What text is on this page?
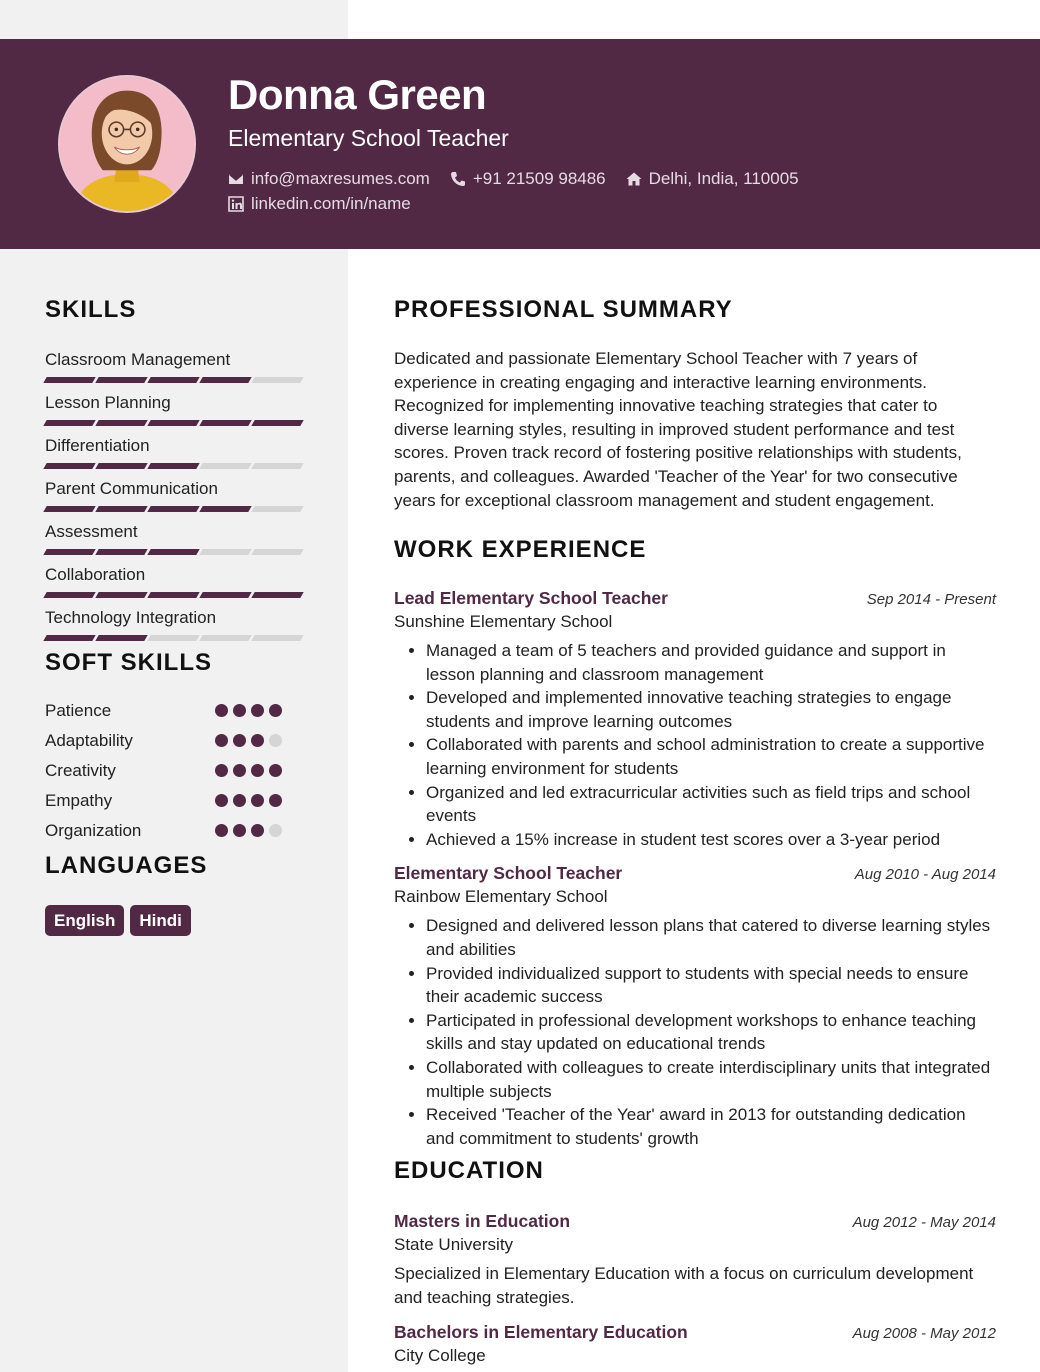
Donna Green
Elementary School Teacher
info@maxresumes.com	+91 21509 98486	Delhi, India, 110005
linkedin.com/in/name
SKILLS
Classroom Management
Lesson Planning
Differentiation
Parent Communication
Assessment
Collaboration
Technology Integration
SOFT SKILLS
Patience
Adaptability
Creativity
Empathy
Organization
LANGUAGES
English	Hindi
PROFESSIONAL SUMMARY
Dedicated and passionate Elementary School Teacher with 7 years of experience in creating engaging and interactive learning environments. Recognized for implementing innovative teaching strategies that cater to diverse learning styles, resulting in improved student performance and test scores. Proven track record of fostering positive relationships with students, parents, and colleagues. Awarded 'Teacher of the Year' for two consecutive years for exceptional classroom management and student engagement.
WORK EXPERIENCE
Lead Elementary School Teacher	Sep 2014 - Present
Sunshine Elementary School
• Managed a team of 5 teachers and provided guidance and support in lesson planning and classroom management
• Developed and implemented innovative teaching strategies to engage students and improve learning outcomes
• Collaborated with parents and school administration to create a supportive learning environment for students
• Organized and led extracurricular activities such as field trips and school events
• Achieved a 15% increase in student test scores over a 3-year period
Elementary School Teacher	Aug 2010 - Aug 2014
Rainbow Elementary School
• Designed and delivered lesson plans that catered to diverse learning styles and abilities
• Provided individualized support to students with special needs to ensure their academic success
• Participated in professional development workshops to enhance teaching skills and stay updated on educational trends
• Collaborated with colleagues to create interdisciplinary units that integrated multiple subjects
• Received 'Teacher of the Year' award in 2013 for outstanding dedication and commitment to students' growth
EDUCATION
Masters in Education	Aug 2012 - May 2014
State University
Specialized in Elementary Education with a focus on curriculum development and teaching strategies.
Bachelors in Elementary Education	Aug 2008 - May 2012
City College
